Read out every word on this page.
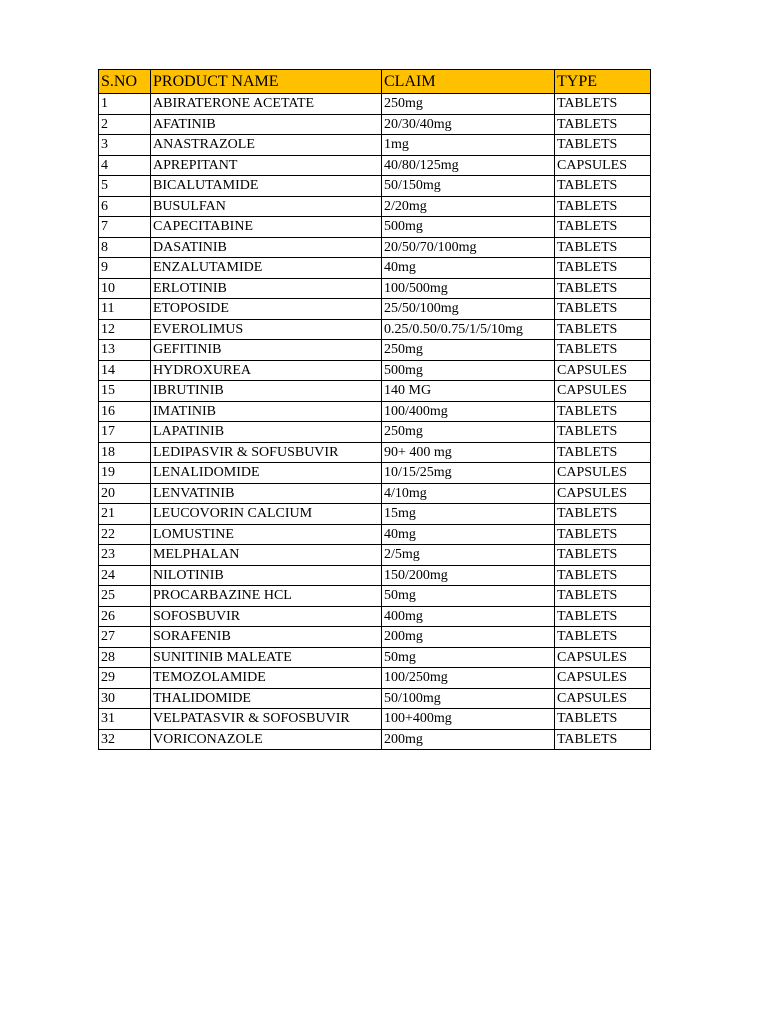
S.NO	PRODUCT NAME	CLAIM	TYPE
1	ABIRATERONE ACETATE	250mg	TABLETS
2	AFATINIB	20/30/40mg	TABLETS
3	ANASTRAZOLE	1mg	TABLETS
4	APREPITANT	40/80/125mg	CAPSULES
5	BICALUTAMIDE	50/150mg	TABLETS
6	BUSULFAN	2/20mg	TABLETS
7	CAPECITABINE	500mg	TABLETS
8	DASATINIB	20/50/70/100mg	TABLETS
9	ENZALUTAMIDE	40mg	TABLETS
10	ERLOTINIB	100/500mg	TABLETS
11	ETOPOSIDE	25/50/100mg	TABLETS
12	EVEROLIMUS	0.25/0.50/0.75/1/5/10mg	TABLETS
13	GEFITINIB	250mg	TABLETS
14	HYDROXUREA	500mg	CAPSULES
15	IBRUTINIB	140 MG	CAPSULES
16	IMATINIB	100/400mg	TABLETS
17	LAPATINIB	250mg	TABLETS
18	LEDIPASVIR & SOFUSBUVIR	90+ 400 mg	TABLETS
19	LENALIDOMIDE	10/15/25mg	CAPSULES
20	LENVATINIB	4/10mg	CAPSULES
21	LEUCOVORIN CALCIUM	15mg	TABLETS
22	LOMUSTINE	40mg	TABLETS
23	MELPHALAN	2/5mg	TABLETS
24	NILOTINIB	150/200mg	TABLETS
25	PROCARBAZINE HCL	50mg	TABLETS
26	SOFOSBUVIR	400mg	TABLETS
27	SORAFENIB	200mg	TABLETS
28	SUNITINIB MALEATE	50mg	CAPSULES
29	TEMOZOLAMIDE	100/250mg	CAPSULES
30	THALIDOMIDE	50/100mg	CAPSULES
31	VELPATASVIR & SOFOSBUVIR	100+400mg	TABLETS
32	VORICONAZOLE	200mg	TABLETS
